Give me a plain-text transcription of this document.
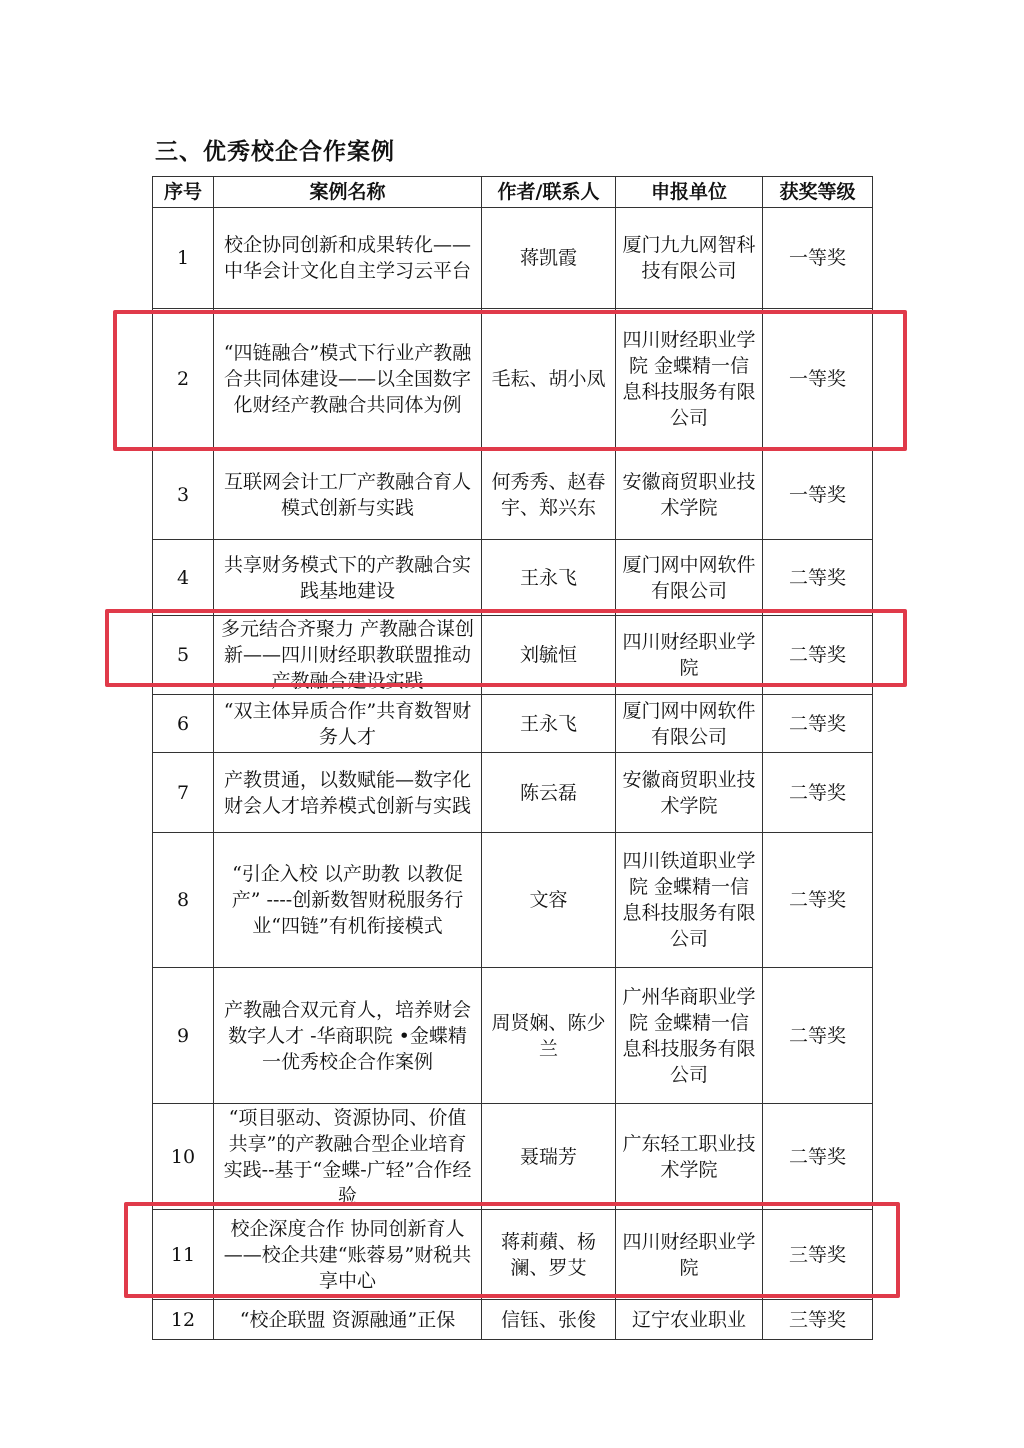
三、优秀校企合作案例
序号	案例名称	作者/联系人	申报单位	获奖等级
1	校企协同创新和成果转化——中华会计文化自主学习云平台	蒋凯霞	厦门九九网智科技有限公司	一等奖
2	“四链融合”模式下行业产教融合共同体建设——以全国数字化财经产教融合共同体为例	毛耘、胡小凤	四川财经职业学院 金蝶精一信息科技服务有限公司	一等奖
3	互联网会计工厂产教融合育人模式创新与实践	何秀秀、赵春宇、郑兴东	安徽商贸职业技术学院	一等奖
4	共享财务模式下的产教融合实践基地建设	王永飞	厦门网中网软件有限公司	二等奖
5	多元结合齐聚力 产教融合谋创新——四川财经职教联盟推动产教融合建设实践	刘毓恒	四川财经职业学院	二等奖
6	“双主体异质合作”共育数智财务人才	王永飞	厦门网中网软件有限公司	二等奖
7	产教贯通，以数赋能—数字化财会人才培养模式创新与实践	陈云磊	安徽商贸职业技术学院	二等奖
8	“引企入校 以产助教 以教促产” ----创新数智财税服务行业“四链”有机衔接模式	文容	四川铁道职业学院 金蝶精一信息科技服务有限公司	二等奖
9	产教融合双元育人，培养财会数字人才 -华商职院 •金蝶精一优秀校企合作案例	周贤娴、陈少兰	广州华商职业学院 金蝶精一信息科技服务有限公司	二等奖
10	“项目驱动、资源协同、价值共享”的产教融合型企业培育实践--基于“金蝶-广轻”合作经验	聂瑞芳	广东轻工职业技术学院	二等奖
11	校企深度合作 协同创新育人——校企共建“账蓉易”财税共享中心	蒋莉蘋、杨澜、罗艾	四川财经职业学院	三等奖
12	“校企联盟 资源融通”正保	信钰、张俊	辽宁农业职业	三等奖
